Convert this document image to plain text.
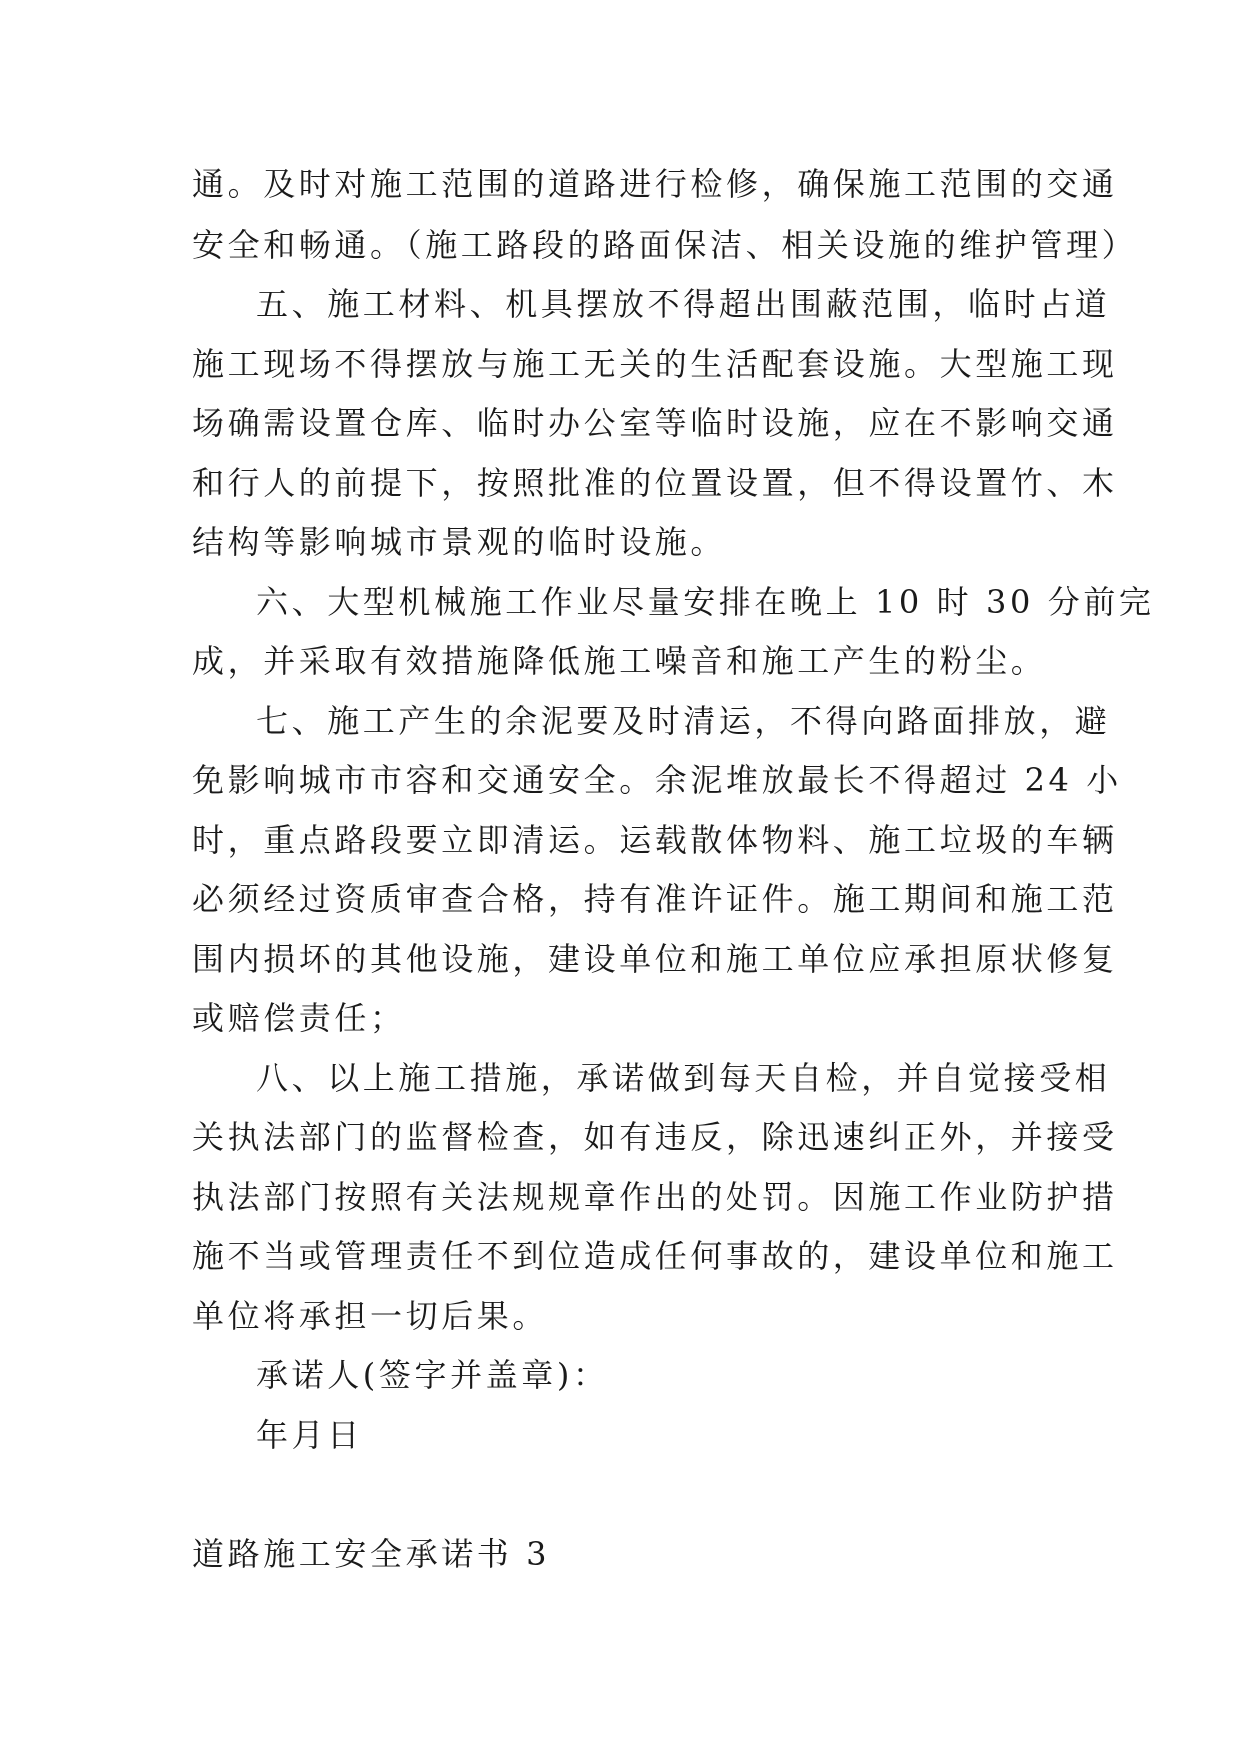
通。及时对施工范围的道路进行检修，确保施工范围的交通
安全和畅通。（施工路段的路面保洁、相关设施的维护管理）
五、施工材料、机具摆放不得超出围蔽范围，临时占道
施工现场不得摆放与施工无关的生活配套设施。大型施工现
场确需设置仓库、临时办公室等临时设施，应在不影响交通
和行人的前提下，按照批准的位置设置，但不得设置竹、木
结构等影响城市景观的临时设施。
六、大型机械施工作业尽量安排在晚上 10 时 30 分前完
成，并采取有效措施降低施工噪音和施工产生的粉尘。
七、施工产生的余泥要及时清运，不得向路面排放，避
免影响城市市容和交通安全。余泥堆放最长不得超过 24 小
时，重点路段要立即清运。运载散体物料、施工垃圾的车辆
必须经过资质审查合格，持有准许证件。施工期间和施工范
围内损坏的其他设施，建设单位和施工单位应承担原状修复
或赔偿责任；
八、以上施工措施，承诺做到每天自检，并自觉接受相
关执法部门的监督检查，如有违反，除迅速纠正外，并接受
执法部门按照有关法规规章作出的处罚。因施工作业防护措
施不当或管理责任不到位造成任何事故的，建设单位和施工
单位将承担一切后果。
承诺人(签字并盖章)：
年月日
道路施工安全承诺书 3
